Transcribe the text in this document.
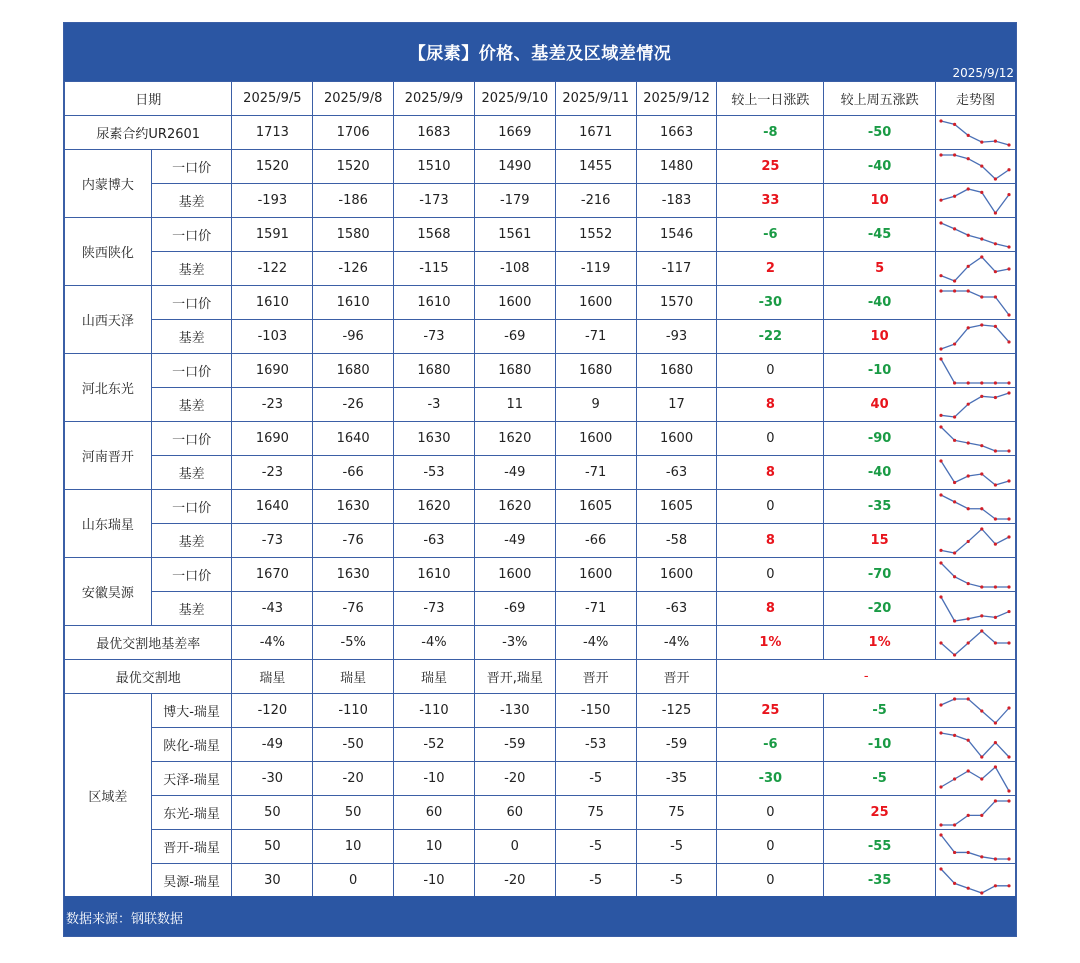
【尿素】价格、基差及区域差情况
2025/9/12
日期		2025/9/5	2025/9/8	2025/9/9	2025/9/10	2025/9/11	2025/9/12	较上一日涨跌	较上周五涨跌	走势图
尿素合约UR2601		1713	1706	1683	1669	1671	1663	-8	-50	

内蒙博大	一口价	1520	1520	1510	1490	1455	1480	25	-40	

	基差	-193	-186	-173	-179	-216	-183	33	10	

陕西陕化	一口价	1591	1580	1568	1561	1552	1546	-6	-45	

	基差	-122	-126	-115	-108	-119	-117	2	5	

山西天泽	一口价	1610	1610	1610	1600	1600	1570	-30	-40	

	基差	-103	-96	-73	-69	-71	-93	-22	10	

河北东光	一口价	1690	1680	1680	1680	1680	1680	0	-10	

	基差	-23	-26	-3	11	9	17	8	40	

河南晋开	一口价	1690	1640	1630	1620	1600	1600	0	-90	

	基差	-23	-66	-53	-49	-71	-63	8	-40	

山东瑞星	一口价	1640	1630	1620	1620	1605	1605	0	-35	

	基差	-73	-76	-63	-49	-66	-58	8	15	

安徽昊源	一口价	1670	1630	1610	1600	1600	1600	0	-70	

	基差	-43	-76	-73	-69	-71	-63	8	-20	

最优交割地基差率		-4%	-5%	-4%	-3%	-4%	-4%	1%	1%	

最优交割地		瑞星	瑞星	瑞星	晋开,瑞星	晋开	晋开	-		
区域差	博大-瑞星	-120	-110	-110	-130	-150	-125	25	-5	

	陕化-瑞星	-49	-50	-52	-59	-53	-59	-6	-10	

	天泽-瑞星	-30	-20	-10	-20	-5	-35	-30	-5	

	东光-瑞星	50	50	60	60	75	75	0	25	

	晋开-瑞星	50	10	10	0	-5	-5	0	-55	

	昊源-瑞星	30	0	-10	-20	-5	-5	0	-35	
数据来源：钢联数据
